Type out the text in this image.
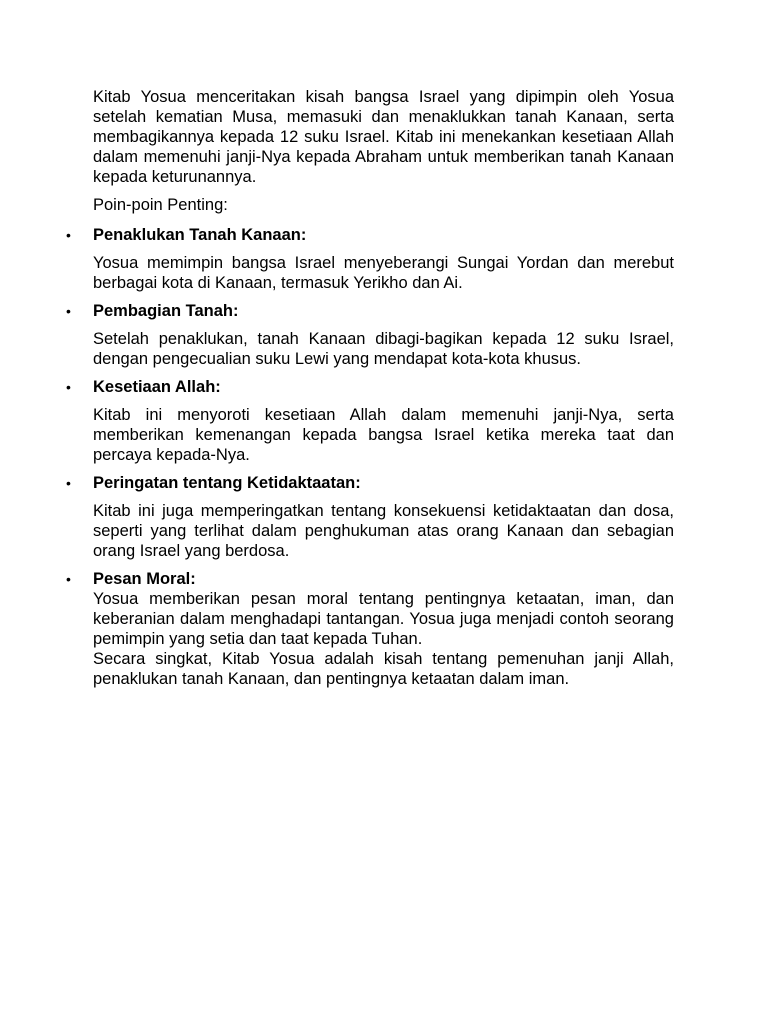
Kitab Yosua menceritakan kisah bangsa Israel yang dipimpin oleh Yosua setelah kematian Musa, memasuki dan menaklukkan tanah Kanaan, serta membagikannya kepada 12 suku Israel. Kitab ini menekankan kesetiaan Allah dalam memenuhi janji-Nya kepada Abraham untuk memberikan tanah Kanaan kepada keturunannya.

Poin-poin Penting:

•	Penaklukan Tanah Kanaan:

Yosua memimpin bangsa Israel menyeberangi Sungai Yordan dan merebut berbagai kota di Kanaan, termasuk Yerikho dan Ai.

•	Pembagian Tanah:

Setelah penaklukan, tanah Kanaan dibagi-bagikan kepada 12 suku Israel, dengan pengecualian suku Lewi yang mendapat kota-kota khusus.

•	Kesetiaan Allah:

Kitab ini menyoroti kesetiaan Allah dalam memenuhi janji-Nya, serta memberikan kemenangan kepada bangsa Israel ketika mereka taat dan percaya kepada-Nya.

•	Peringatan tentang Ketidaktaatan:

Kitab ini juga memperingatkan tentang konsekuensi ketidaktaatan dan dosa, seperti yang terlihat dalam penghukuman atas orang Kanaan dan sebagian orang Israel yang berdosa.

•	Pesan Moral:

Yosua memberikan pesan moral tentang pentingnya ketaatan, iman, dan keberanian dalam menghadapi tantangan. Yosua juga menjadi contoh seorang pemimpin yang setia dan taat kepada Tuhan.

Secara singkat, Kitab Yosua adalah kisah tentang pemenuhan janji Allah, penaklukan tanah Kanaan, dan pentingnya ketaatan dalam iman.
